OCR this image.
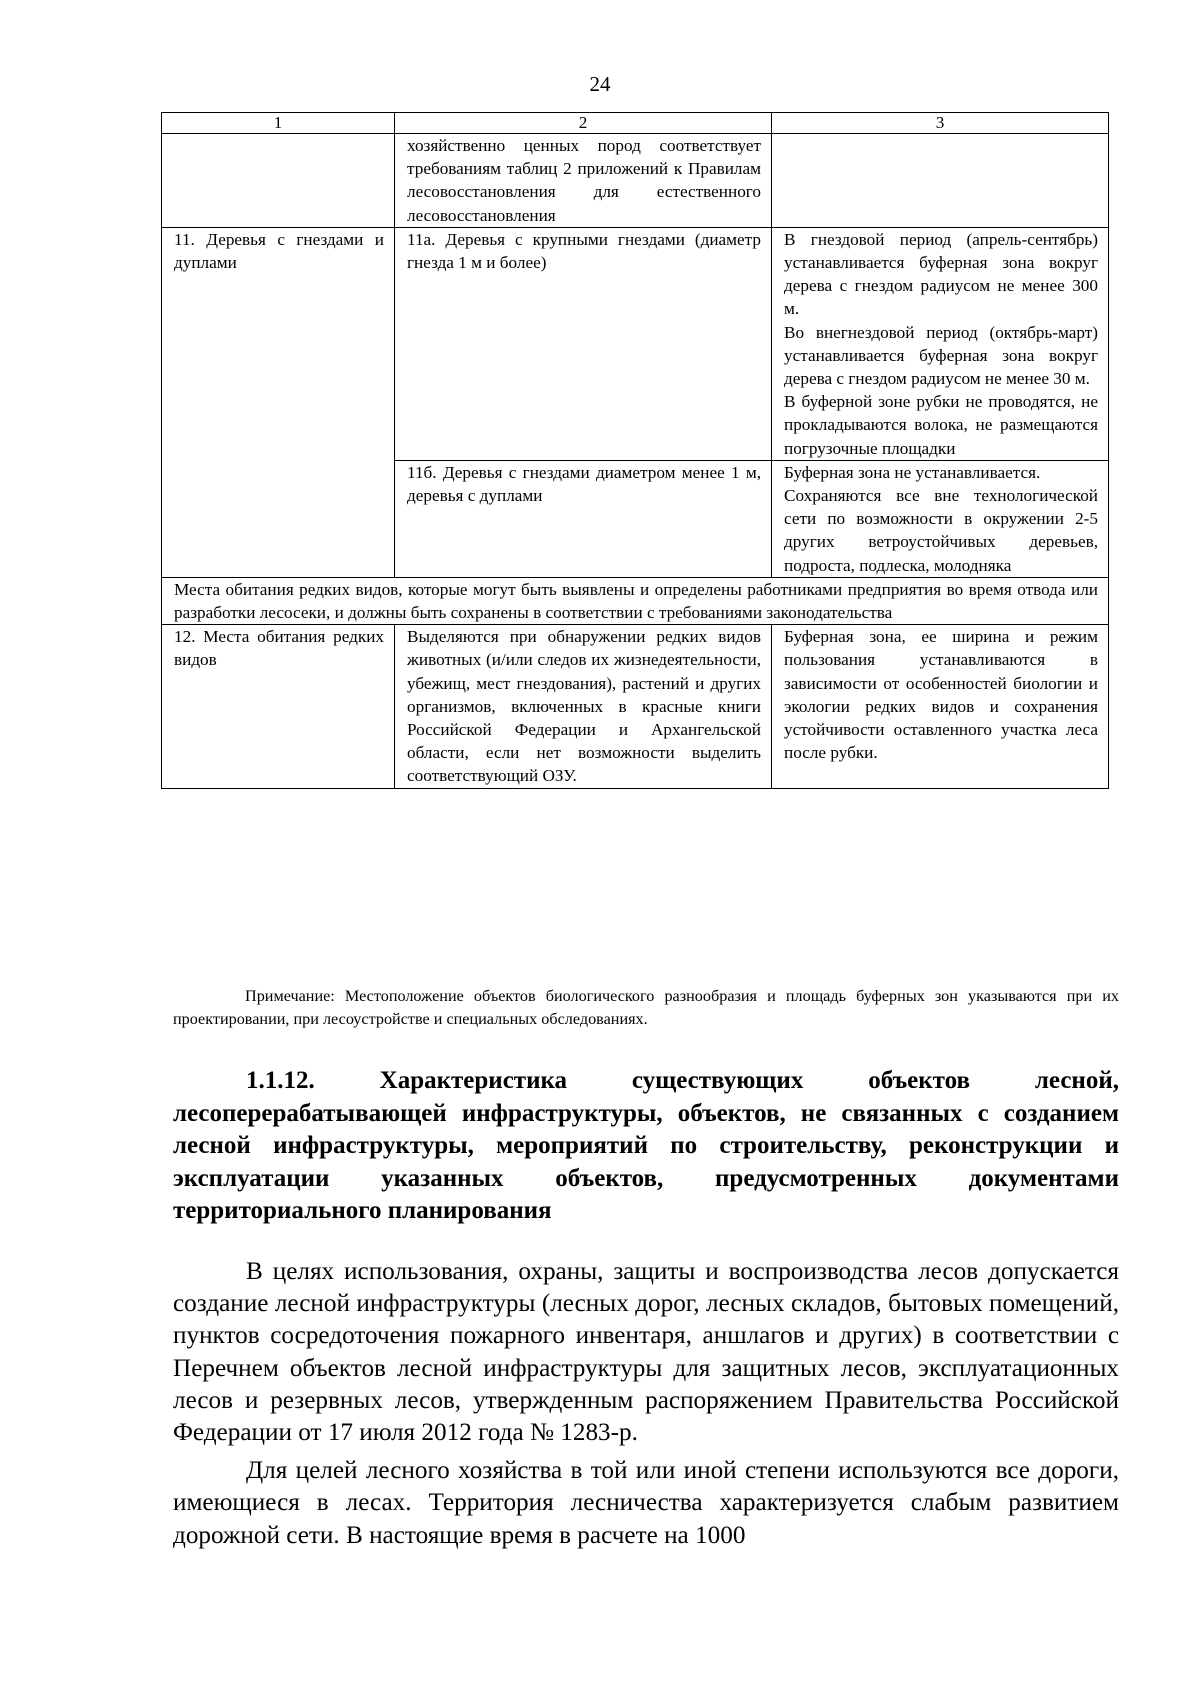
24
1	2	3
	хозяйственно ценных пород соответствует требованиям таблиц 2 приложений к Правилам лесовосстановления для естественного лесовосстановления	
11. Деревья с гнездами и дуплами	11а. Деревья с крупными гнездами (диаметр гнезда 1 м и более)	В гнездовой период (апрель-сентябрь) устанавливается буферная зона вокруг дерева с гнездом радиусом не менее 300 м.
Во внегнездовой период (октябрь-март) устанавливается буферная зона вокруг дерева с гнездом радиусом не менее 30 м.
В буферной зоне рубки не проводятся, не прокладываются волока, не размещаются погрузочные площадки

	11б. Деревья с гнездами диаметром менее 1 м, деревья с дуплами	Буферная зона не устанавливается.
Сохраняются все вне технологической сети по возможности в окружении 2-5 других ветроустойчивых деревьев, подроста, подлеска, молодняка

Места обитания редких видов, которые могут быть выявлены и определены работниками предприятия во время отвода или разработки лесосеки, и должны быть сохранены в соответствии с требованиями законодательства		
12. Места обитания редких видов	Выделяются при обнаружении редких видов животных (и/или следов их жизнедеятельности, убежищ, мест гнездования), растений и других организмов, включенных в красные книги Российской Федерации и Архангельской области, если нет возможности выделить соответствующий ОЗУ.	Буферная зона, ее ширина и режим пользования устанавливаются в зависимости от особенностей биологии и экологии редких видов и сохранения устойчивости оставленного участка леса после рубки.
Примечание: Местоположение объектов биологического разнообразия и площадь буферных зон указываются при их проектировании, при лесоустройстве и специальных обследованиях.
1.1.12. Характеристика существующих объектов лесной, лесоперерабатывающей инфраструктуры, объектов, не связанных с созданием лесной инфраструктуры, мероприятий по строительству, реконструкции и эксплуатации указанных объектов, предусмотренных документами территориального планирования

В целях использования, охраны, защиты и воспроизводства лесов допускается создание лесной инфраструктуры (лесных дорог, лесных складов, бытовых помещений, пунктов сосредоточения пожарного инвентаря, аншлагов и других) в соответствии с Перечнем объектов лесной инфраструктуры для защитных лесов, эксплуатационных лесов и резервных лесов, утвержденным распоряжением Правительства Российской Федерации от 17 июля 2012 года № 1283-р.

Для целей лесного хозяйства в той или иной степени используются все дороги, имеющиеся в лесах. Территория лесничества характеризуется слабым развитием дорожной сети. В настоящие время в расчете на 1000
